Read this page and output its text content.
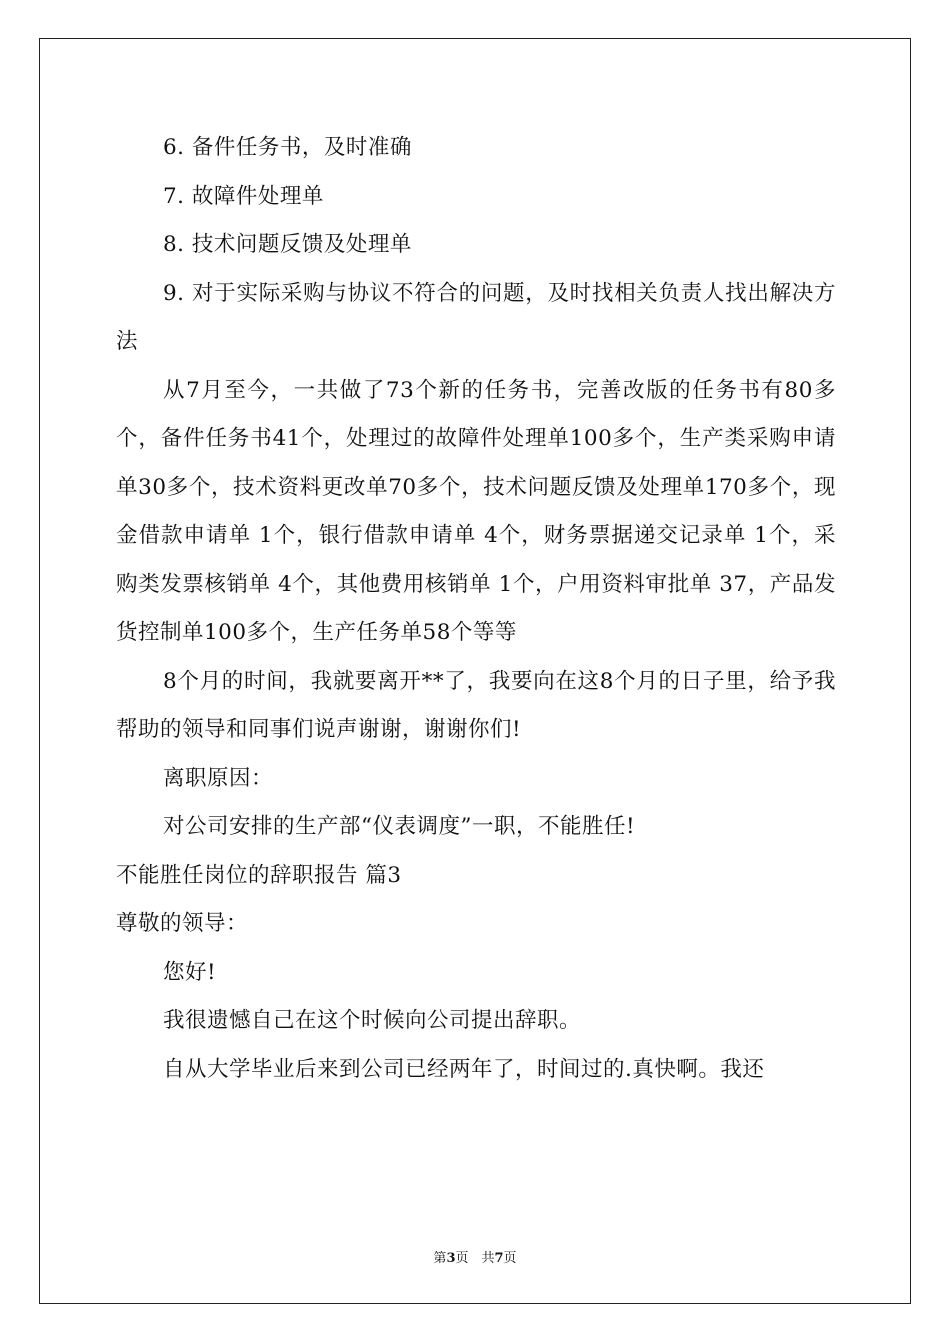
6. 备件任务书，及时准确

7. 故障件处理单

8. 技术问题反馈及处理单

9. 对于实际采购与协议不符合的问题，及时找相关负责人找出解决方法

从7月至今，一共做了73个新的任务书，完善改版的任务书有80多个，备件任务书41个，处理过的故障件处理单100多个，生产类采购申请单30多个，技术资料更改单70多个，技术问题反馈及处理单170多个，现金借款申请单 1个，银行借款申请单 4个，财务票据递交记录单 1个，采购类发票核销单 4个，其他费用核销单 1个，户用资料审批单 37，产品发货控制单100多个，生产任务单58个等等

8个月的时间，我就要离开**了，我要向在这8个月的日子里，给予我帮助的领导和同事们说声谢谢，谢谢你们!

离职原因：

对公司安排的生产部“仪表调度”一职，不能胜任!

不能胜任岗位的辞职报告 篇3

尊敬的领导：

您好!

我很遗憾自己在这个时候向公司提出辞职。

自从大学毕业后来到公司已经两年了，时间过的.真快啊。我还

第3页　共7页
